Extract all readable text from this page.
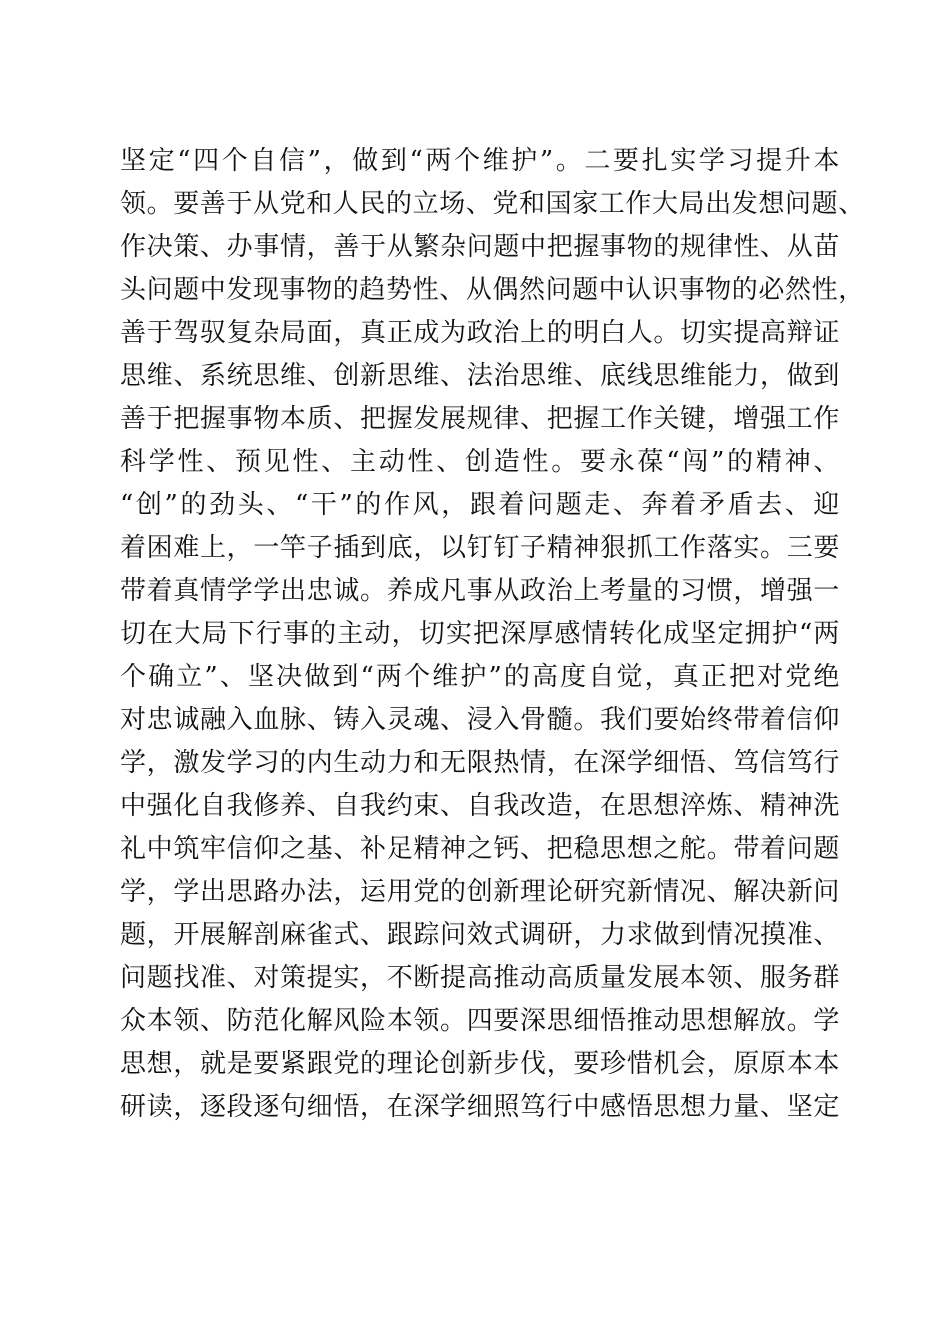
坚定“四个自信”，做到“两个维护”。二要扎实学习提升本
领。要善于从党和人民的立场、党和国家工作大局出发想问题、
作决策、办事情，善于从繁杂问题中把握事物的规律性、从苗
头问题中发现事物的趋势性、从偶然问题中认识事物的必然性，
善于驾驭复杂局面，真正成为政治上的明白人。切实提高辩证
思维、系统思维、创新思维、法治思维、底线思维能力，做到
善于把握事物本质、把握发展规律、把握工作关键，增强工作
科学性、预见性、主动性、创造性。要永葆“闯”的精神、
“创”的劲头、“干”的作风，跟着问题走、奔着矛盾去、迎
着困难上，一竿子插到底，以钉钉子精神狠抓工作落实。三要
带着真情学学出忠诚。养成凡事从政治上考量的习惯，增强一
切在大局下行事的主动，切实把深厚感情转化成坚定拥护“两
个确立”、坚决做到“两个维护”的高度自觉，真正把对党绝
对忠诚融入血脉、铸入灵魂、浸入骨髓。我们要始终带着信仰
学，激发学习的内生动力和无限热情，在深学细悟、笃信笃行
中强化自我修养、自我约束、自我改造，在思想淬炼、精神洗
礼中筑牢信仰之基、补足精神之钙、把稳思想之舵。带着问题
学，学出思路办法，运用党的创新理论研究新情况、解决新问
题，开展解剖麻雀式、跟踪问效式调研，力求做到情况摸准、
问题找准、对策提实，不断提高推动高质量发展本领、服务群
众本领、防范化解风险本领。四要深思细悟推动思想解放。学
思想，就是要紧跟党的理论创新步伐，要珍惜机会，原原本本
研读，逐段逐句细悟，在深学细照笃行中感悟思想力量、坚定
